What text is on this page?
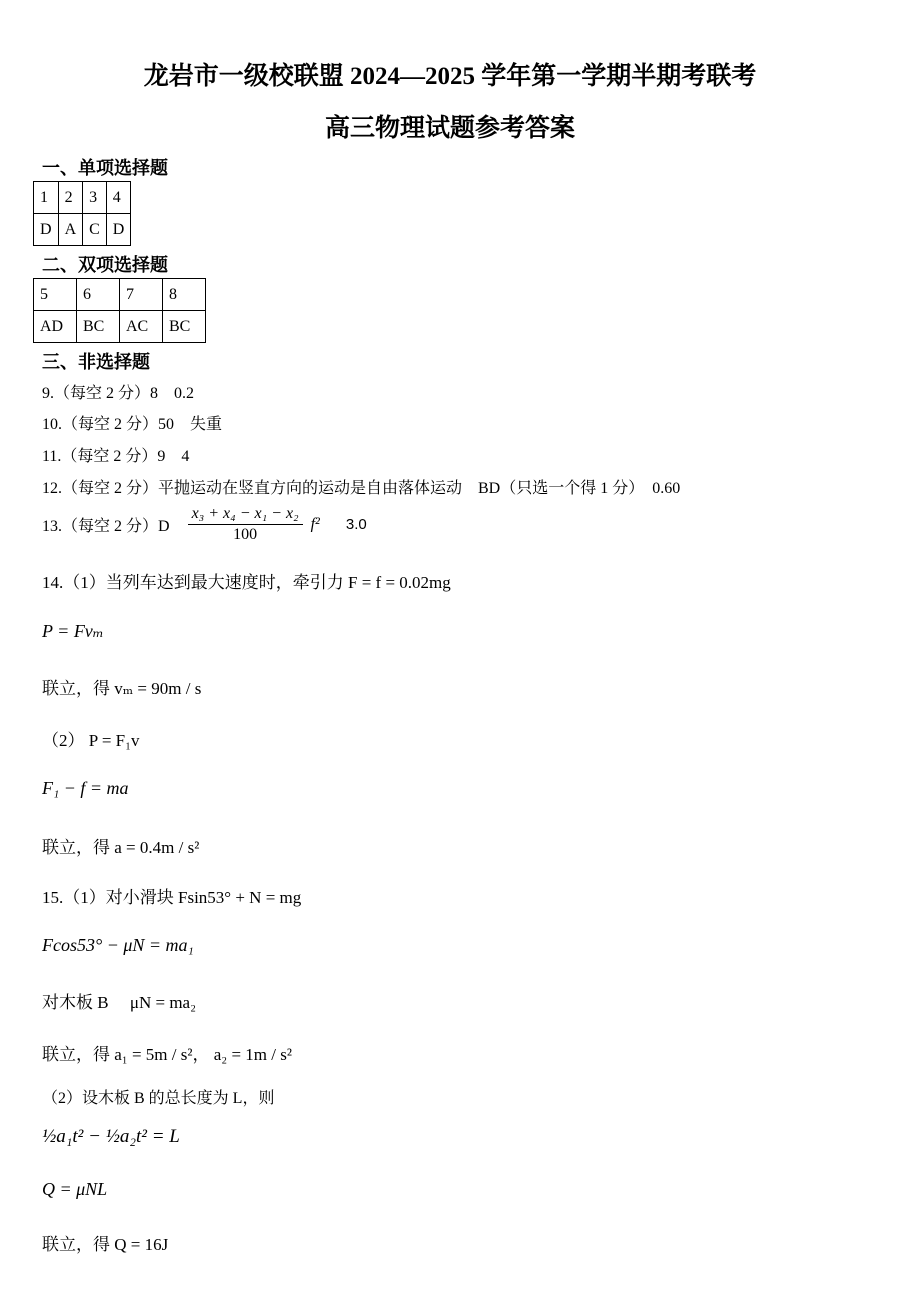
龙岩市一级校联盟 2024—2025 学年第一学期半期考联考
高三物理试题参考答案
一、单项选择题
1	2	3	4
D	A	C	D
二、双项选择题
5	6	7	8
AD	BC	AC	BC
三、非选择题
9.（每空 2 分）8　0.2
10.（每空 2 分）50　失重
11.（每空 2 分）9　4
12.（每空 2 分）平抛运动在竖直方向的运动是自由落体运动　BD（只选一个得 1 分）　0.60
13.（每空 2 分）$D \frac{\text{x₃ + x₄ − x₁ − x₂}}{100} f^2$ 3.0
14.（1）当列车达到最大速度时，牵引力 F = f = 0.02mg
P = Fvₘ
联立，得 vₘ = 90m / s
（2） P = F₁v
F₁ − f = ma
联立，得 a = 0.4m / s²
15.（1）对小滑块 Fsin53° + N = mg
Fcos53° − μN = ma₁
对木板 B　 μN = ma₂
联立，得 a₁ = 5m / s²， a₂ = 1m / s²
（2）设木板 B 的总长度为 L，则
½a₁t² − ½a₂t² = L
Q = μNL
联立，得 Q = 16J
